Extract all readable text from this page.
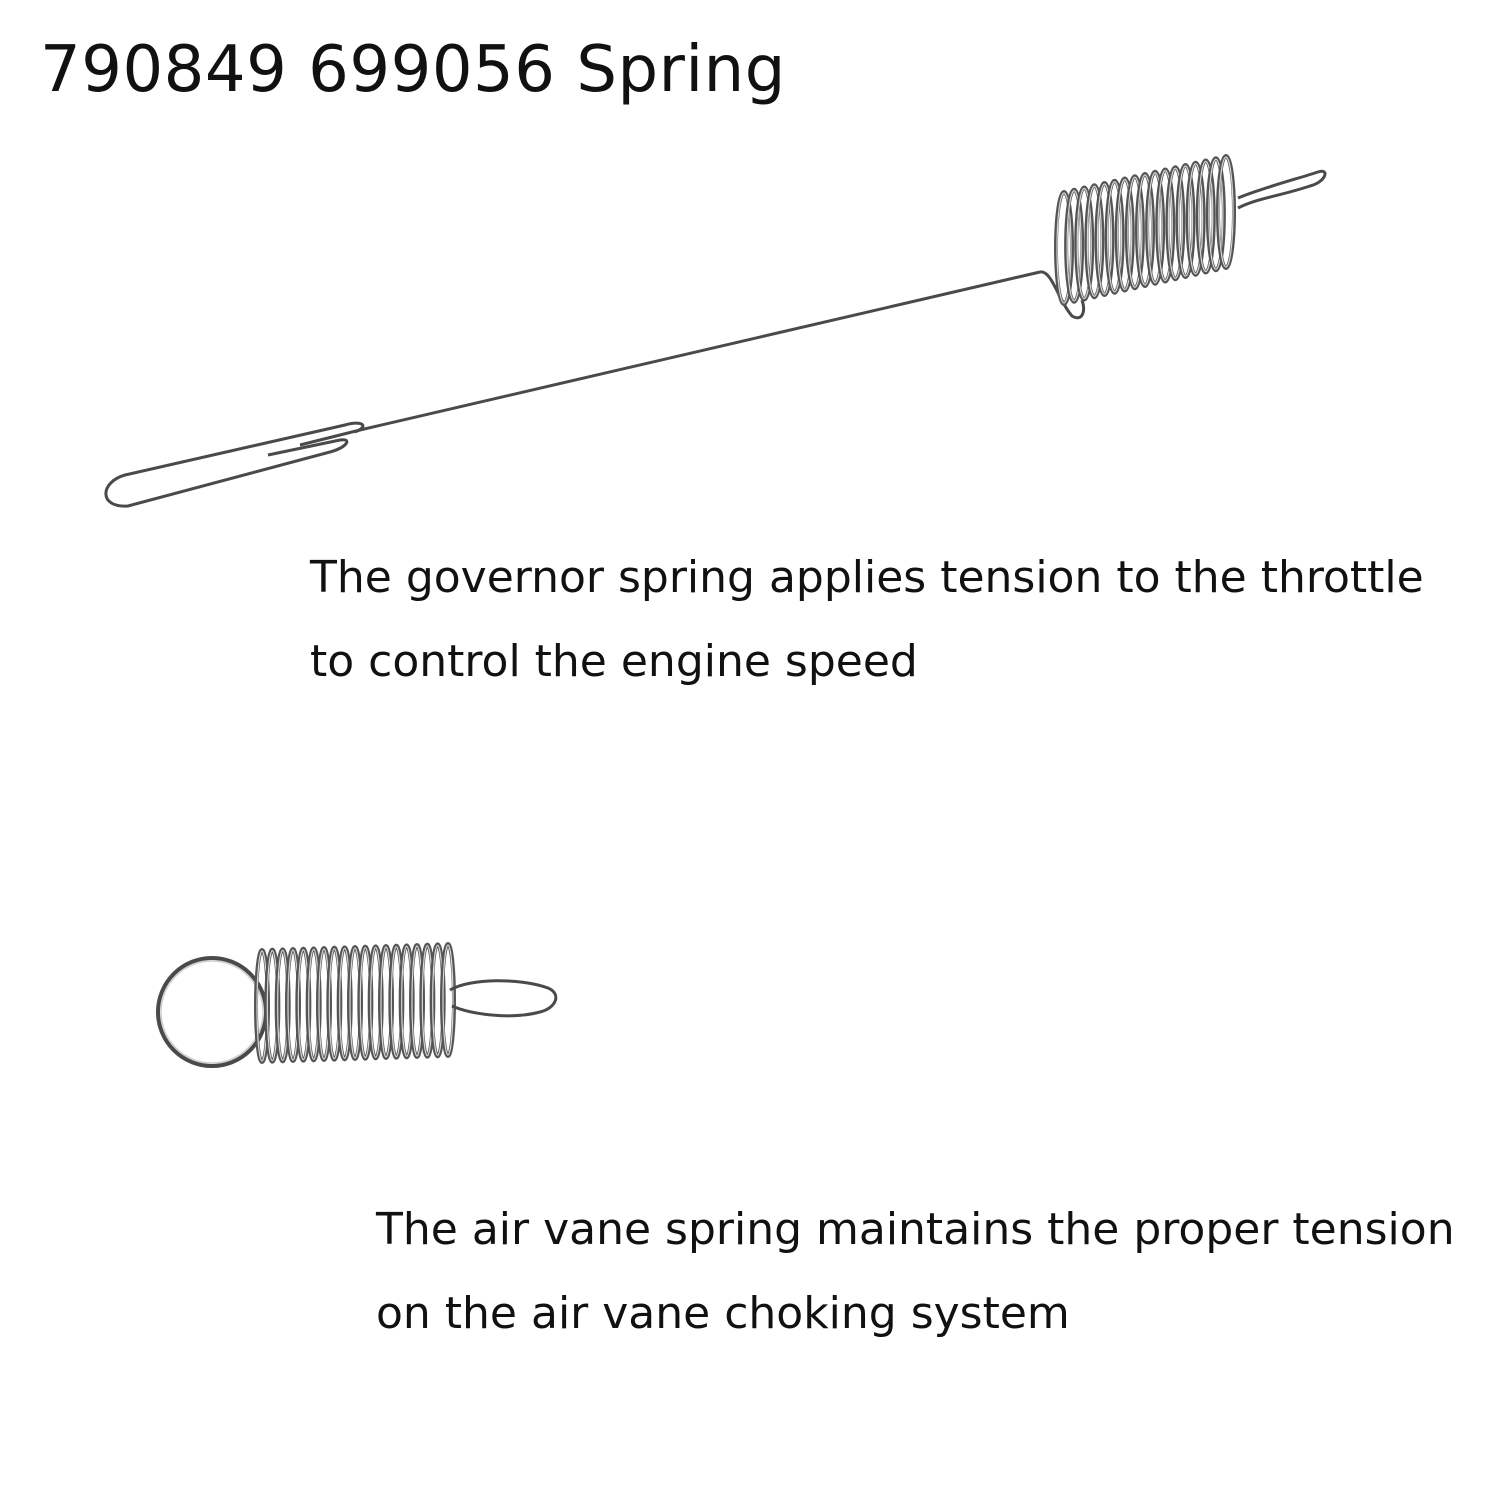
790849 699056 Spring
The governor spring applies tension to the throttle
to control the engine speed
The air vane spring maintains the proper tension
on the air vane choking system
